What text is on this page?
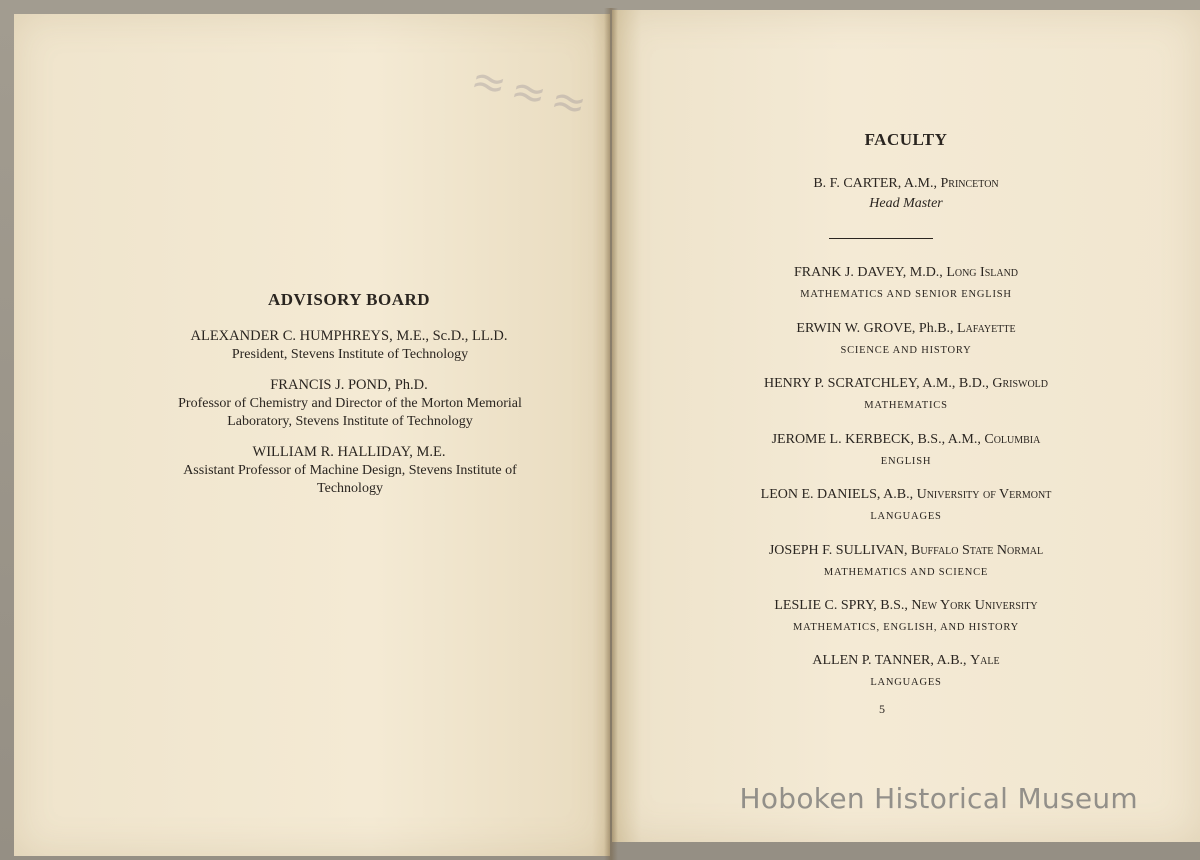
≈≈≈
ADVISORY BOARD
ALEXANDER C. HUMPHREYS, M.E., Sc.D., LL.D.
President, Stevens Institute of Technology
FRANCIS J. POND, Ph.D.
Professor of Chemistry and Director of the Morton Memorial
Laboratory, Stevens Institute of Technology
WILLIAM R. HALLIDAY, M.E.
Assistant Professor of Machine Design, Stevens Institute of
Technology
FACULTY
B. F. CARTER, A.M., Princeton
Head Master
FRANK J. DAVEY, M.D., Long Island
MATHEMATICS AND SENIOR ENGLISH
ERWIN W. GROVE, Ph.B., Lafayette
SCIENCE AND HISTORY
HENRY P. SCRATCHLEY, A.M., B.D., Griswold
MATHEMATICS
JEROME L. KERBECK, B.S., A.M., Columbia
ENGLISH
LEON E. DANIELS, A.B., University of Vermont
LANGUAGES
JOSEPH F. SULLIVAN, Buffalo State Normal
MATHEMATICS AND SCIENCE
LESLIE C. SPRY, B.S., New York University
MATHEMATICS, ENGLISH, AND HISTORY
ALLEN P. TANNER, A.B., Yale
LANGUAGES
5
Hoboken Historical Museum
